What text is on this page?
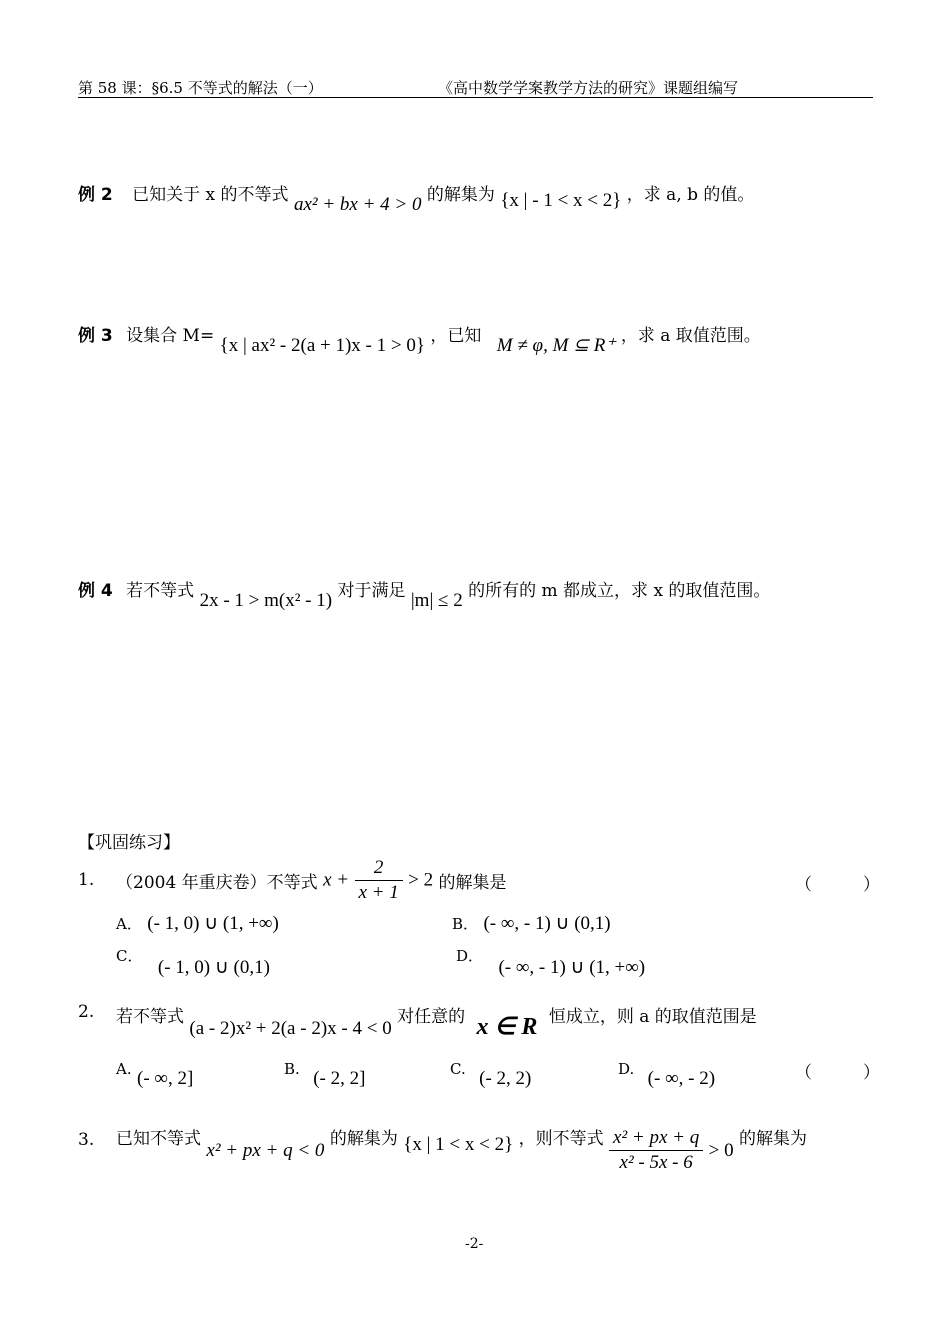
第 58 课：§6.5 不等式的解法（一）	《高中数学学案教学方法的研究》课题组编写
例 2 已知关于 x 的不等式 ax² + bx + 4 > 0 的解集为 {x | - 1 < x < 2} ，求 a, b 的值。
例 3 设集合 M= {x | ax² - 2(a + 1)x - 1 > 0} ，已知 M ≠ φ, M ⊆ R⁺ ，求 a 取值范围。
例 4 若不等式 2x - 1 > m(x² - 1) 对于满足 |m| ≤ 2 的所有的 m 都成立，求 x 的取值范围。
【巩固练习】
1. （2004 年重庆卷）不等式 $x + \frac{2}{x + 1} > 2$ 的解集是	（　　　）
A． (- 1, 0) ∪ (1, +∞)	B． (- ∞, - 1) ∪ (0,1)
C． (- 1, 0) ∪ (0,1)
D． (- ∞, - 1) ∪ (1, +∞)
2. 若不等式 (a - 2)x² + 2(a - 2)x - 4 < 0 对任意的 x ∈ R 恒成立，则 a 的取值范围是
A. (- ∞, 2]	B. (- 2, 2]	C. (- 2, 2)	D. (- ∞, - 2)	（　　　）
3. 已知不等式 x² + px + q < 0 的解集为 {x | 1 < x < 2} ，则不等式 $\frac{\text{x² + px + q}}{\text{x² - 5x - 6}} > 0$ 的解集为
-2-
